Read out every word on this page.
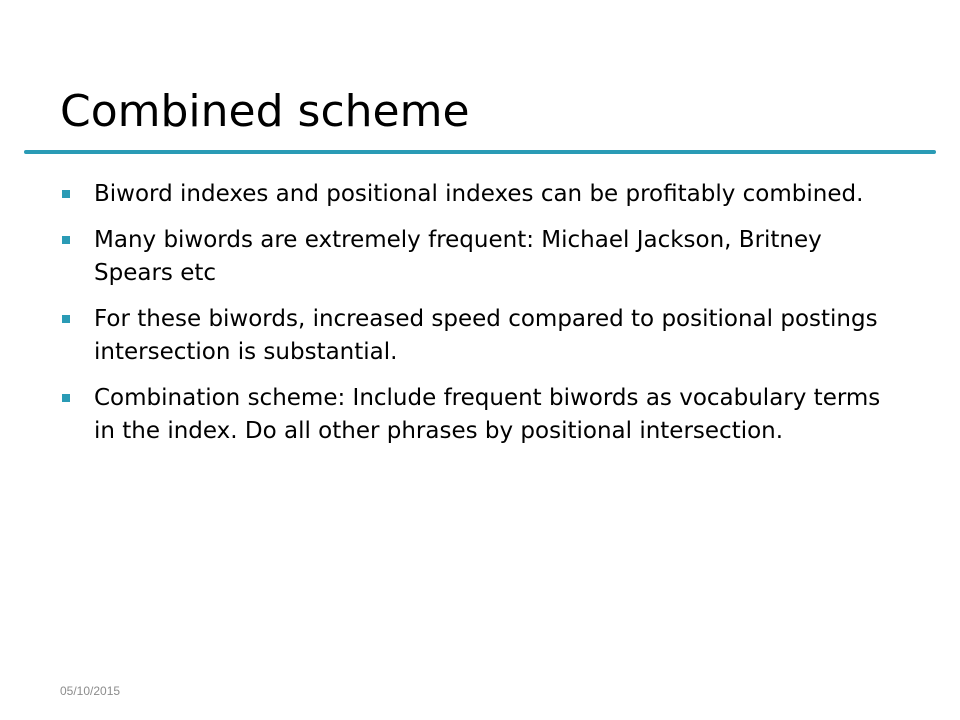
Combined scheme
Biword indexes and positional indexes can be profitably combined.
Many biwords are extremely frequent: Michael Jackson, Britney Spears etc
For these biwords, increased speed compared to positional postings intersection is substantial.
Combination scheme: Include frequent biwords as vocabulary terms in the index. Do all other phrases by positional intersection.
05/10/2015
